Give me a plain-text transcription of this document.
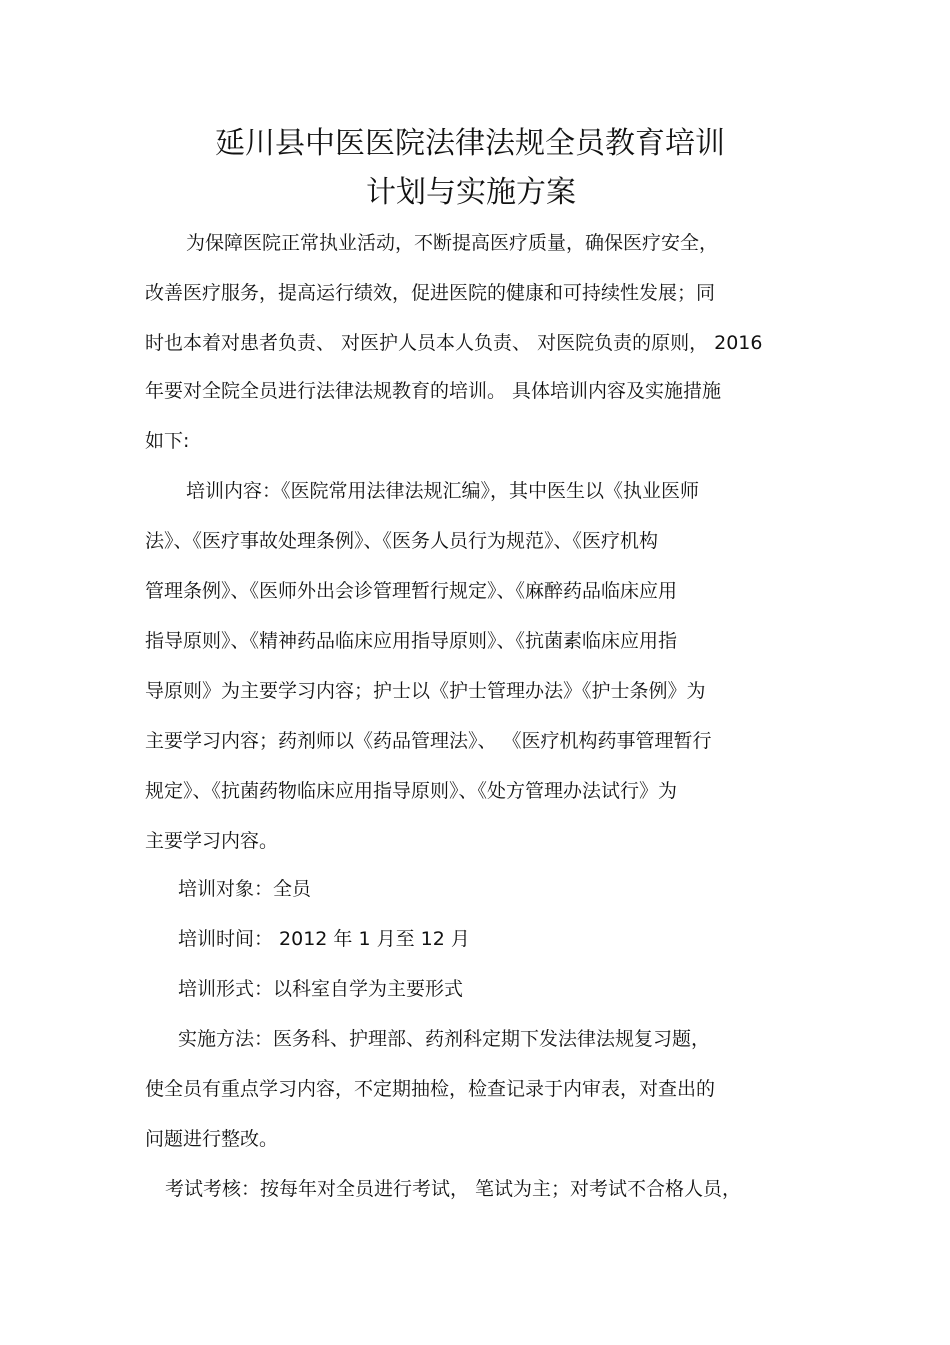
延川县中医医院法律法规全员教育培训
计划与实施方案
为保障医院正常执业活动，不断提高医疗质量，确保医疗安全，
改善医疗服务，提高运行绩效，促进医院的健康和可持续性发展；同
时也本着对患者负责、 对医护人员本人负责、 对医院负责的原则， 2016
年要对全院全员进行法律法规教育的培训。 具体培训内容及实施措施
如下:
培训内容：《医院常用法律法规汇编》，其中医生以《执业医师
法》、《医疗事故处理条例》、《医务人员行为规范》、《医疗机构
管理条例》、《医师外出会诊管理暂行规定》、《麻醉药品临床应用
指导原则》、《精神药品临床应用指导原则》、《抗菌素临床应用指
导原则》为主要学习内容；护士以《护士管理办法》《护士条例》为
主要学习内容；药剂师以《药品管理法》、 《医疗机构药事管理暂行
规定》、《抗菌药物临床应用指导原则》、《处方管理办法试行》为
主要学习内容。
培训对象：全员
培训时间： 2012 年 1 月至 12 月
培训形式：以科室自学为主要形式
实施方法：医务科、护理部、药剂科定期下发法律法规复习题，
使全员有重点学习内容，不定期抽检，检查记录于内审表，对查出的
问题进行整改。
考试考核：按每年对全员进行考试， 笔试为主；对考试不合格人员，
